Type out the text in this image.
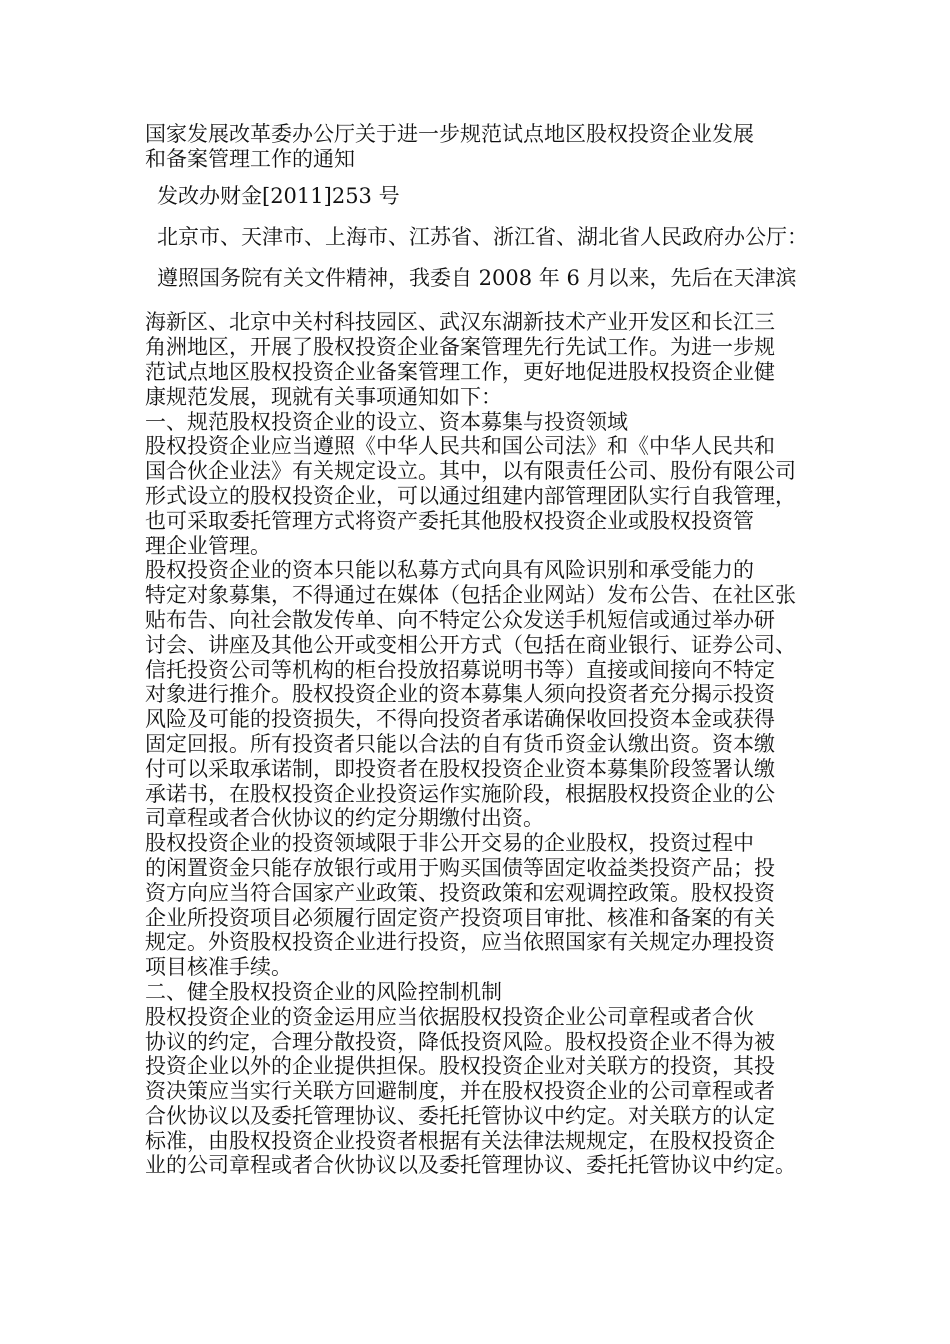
国家发展改革委办公厅关于进一步规范试点地区股权投资企业发展
和备案管理工作的通知
发改办财金[2011]253 号
北京市、天津市、上海市、江苏省、浙江省、湖北省人民政府办公厅：
遵照国务院有关文件精神，我委自 2008 年 6 月以来，先后在天津滨
海新区、北京中关村科技园区、武汉东湖新技术产业开发区和长江三
角洲地区，开展了股权投资企业备案管理先行先试工作。为进一步规
范试点地区股权投资企业备案管理工作，更好地促进股权投资企业健
康规范发展，现就有关事项通知如下：
一、规范股权投资企业的设立、资本募集与投资领域
股权投资企业应当遵照《中华人民共和国公司法》和《中华人民共和
国合伙企业法》有关规定设立。其中，以有限责任公司、股份有限公司
形式设立的股权投资企业，可以通过组建内部管理团队实行自我管理，
也可采取委托管理方式将资产委托其他股权投资企业或股权投资管
理企业管理。
股权投资企业的资本只能以私募方式向具有风险识别和承受能力的
特定对象募集，不得通过在媒体（包括企业网站）发布公告、在社区张
贴布告、向社会散发传单、向不特定公众发送手机短信或通过举办研
讨会、讲座及其他公开或变相公开方式（包括在商业银行、证券公司、
信托投资公司等机构的柜台投放招募说明书等）直接或间接向不特定
对象进行推介。股权投资企业的资本募集人须向投资者充分揭示投资
风险及可能的投资损失，不得向投资者承诺确保收回投资本金或获得
固定回报。所有投资者只能以合法的自有货币资金认缴出资。资本缴
付可以采取承诺制，即投资者在股权投资企业资本募集阶段签署认缴
承诺书，在股权投资企业投资运作实施阶段，根据股权投资企业的公
司章程或者合伙协议的约定分期缴付出资。
股权投资企业的投资领域限于非公开交易的企业股权，投资过程中
的闲置资金只能存放银行或用于购买国债等固定收益类投资产品；投
资方向应当符合国家产业政策、投资政策和宏观调控政策。股权投资
企业所投资项目必须履行固定资产投资项目审批、核准和备案的有关
规定。外资股权投资企业进行投资，应当依照国家有关规定办理投资
项目核准手续。
二、健全股权投资企业的风险控制机制
股权投资企业的资金运用应当依据股权投资企业公司章程或者合伙
协议的约定，合理分散投资，降低投资风险。股权投资企业不得为被
投资企业以外的企业提供担保。股权投资企业对关联方的投资，其投
资决策应当实行关联方回避制度，并在股权投资企业的公司章程或者
合伙协议以及委托管理协议、委托托管协议中约定。对关联方的认定
标准，由股权投资企业投资者根据有关法律法规规定，在股权投资企
业的公司章程或者合伙协议以及委托管理协议、委托托管协议中约定。
